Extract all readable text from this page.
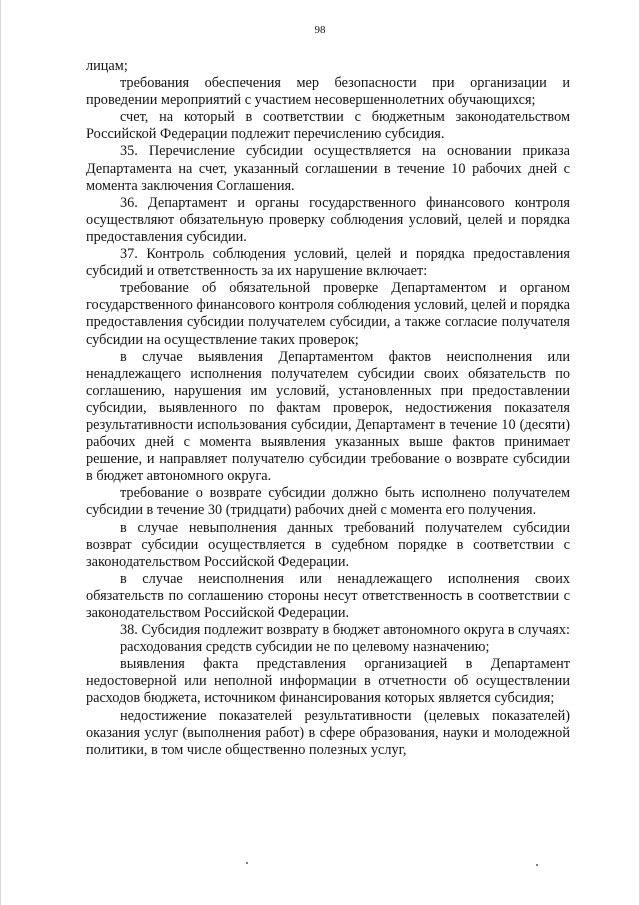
98

лицам;

требования обеспечения мер безопасности при организации и проведении мероприятий с участием несовершеннолетних обучающихся;

счет, на который в соответствии с бюджетным законодательством Российской Федерации подлежит перечислению субсидия.

35. Перечисление субсидии осуществляется на основании приказа Департамента на счет, указанный соглашении в течение 10 рабочих дней с момента заключения Соглашения.

36. Департамент и органы государственного финансового контроля осуществляют обязательную проверку соблюдения условий, целей и порядка предоставления субсидии.

37. Контроль соблюдения условий, целей и порядка предоставления субсидий и ответственность за их нарушение включает:

требование об обязательной проверке Департаментом и органом государственного финансового контроля соблюдения условий, целей и порядка предоставления субсидии получателем субсидии, а также согласие получателя субсидии на осуществление таких проверок;

в случае выявления Департаментом фактов неисполнения или ненадлежащего исполнения получателем субсидии своих обязательств по соглашению, нарушения им условий, установленных при предоставлении субсидии, выявленного по фактам проверок, недостижения показателя результативности использования субсидии, Департамент в течение 10 (десяти) рабочих дней с момента выявления указанных выше фактов принимает решение, и направляет получателю субсидии требование о возврате субсидии в бюджет автономного округа.

требование о возврате субсидии должно быть исполнено получателем субсидии в течение 30 (тридцати) рабочих дней с момента его получения.

в случае невыполнения данных требований получателем субсидии возврат субсидии осуществляется в судебном порядке в соответствии с законодательством Российской Федерации.

в случае неисполнения или ненадлежащего исполнения своих обязательств по соглашению стороны несут ответственность в соответствии с законодательством Российской Федерации.

38. Субсидия подлежит возврату в бюджет автономного округа в случаях:

расходования средств субсидии не по целевому назначению;

выявления факта представления организацией в Департамент недостоверной или неполной информации в отчетности об осуществлении расходов бюджета, источником финансирования которых является субсидия;

недостижение показателей результативности (целевых показателей) оказания услуг (выполнения работ) в сфере образования, науки и молодежной политики, в том числе общественно полезных услуг,
